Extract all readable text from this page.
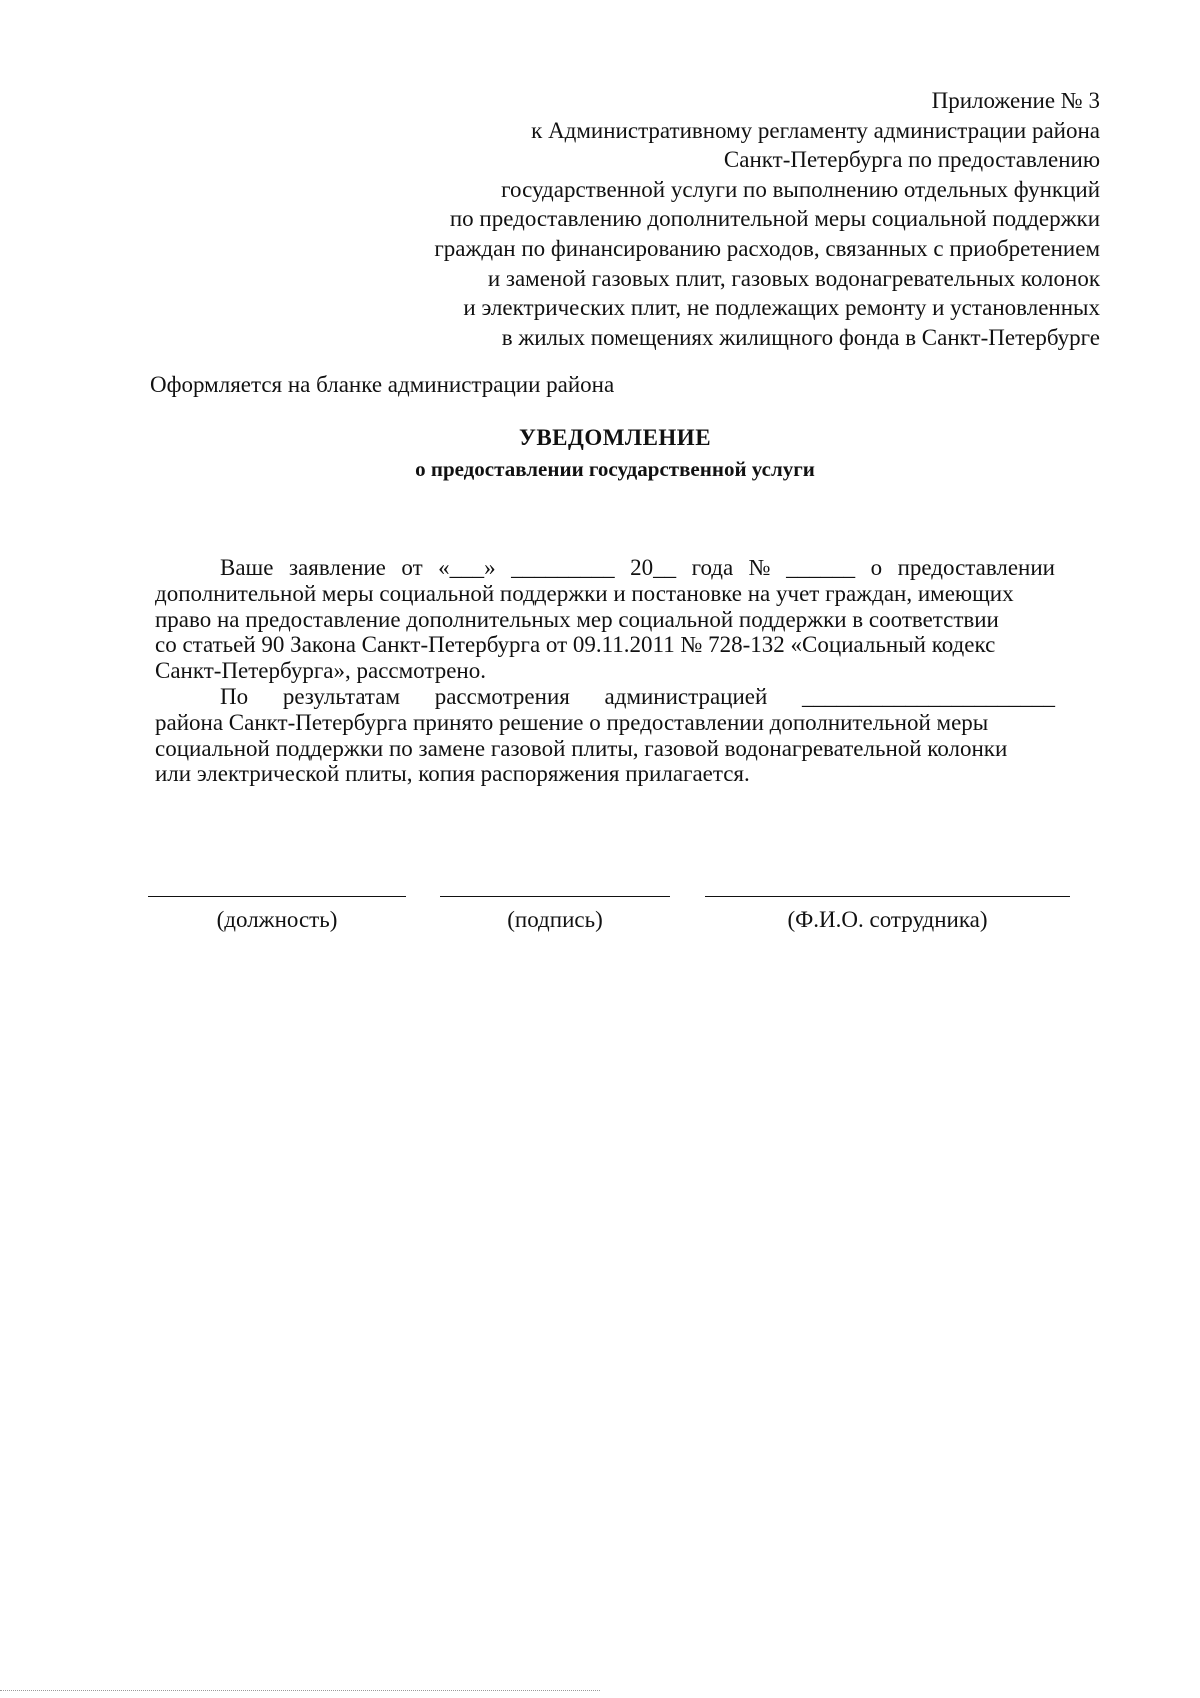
Приложение № 3
к Административному регламенту администрации района
Санкт-Петербурга по предоставлению
государственной услуги по выполнению отдельных функций
по предоставлению дополнительной меры социальной поддержки
граждан по финансированию расходов, связанных с приобретением
и заменой газовых плит, газовых водонагревательных колонок
и электрических плит, не подлежащих ремонту и установленных
в жилых помещениях жилищного фонда в Санкт-Петербурге
Оформляется на бланке администрации района
УВЕДОМЛЕНИЕ
о предоставлении государственной услуги
Ваше заявление от «___» _________ 20__ года № ______ о предоставлении
дополнительной меры социальной поддержки и постановке на учет граждан, имеющих
право на предоставление дополнительных мер социальной поддержки в соответствии
со статьей 90 Закона Санкт-Петербурга от 09.11.2011 № 728-132 «Социальный кодекс
Санкт-Петербурга», рассмотрено.
По результатам рассмотрения администрацией ______________________
района Санкт-Петербурга принято решение о предоставлении дополнительной меры
социальной поддержки по замене газовой плиты, газовой водонагревательной колонки
или электрической плиты, копия распоряжения прилагается.
(должность)	(подпись)	(Ф.И.О. сотрудника)
